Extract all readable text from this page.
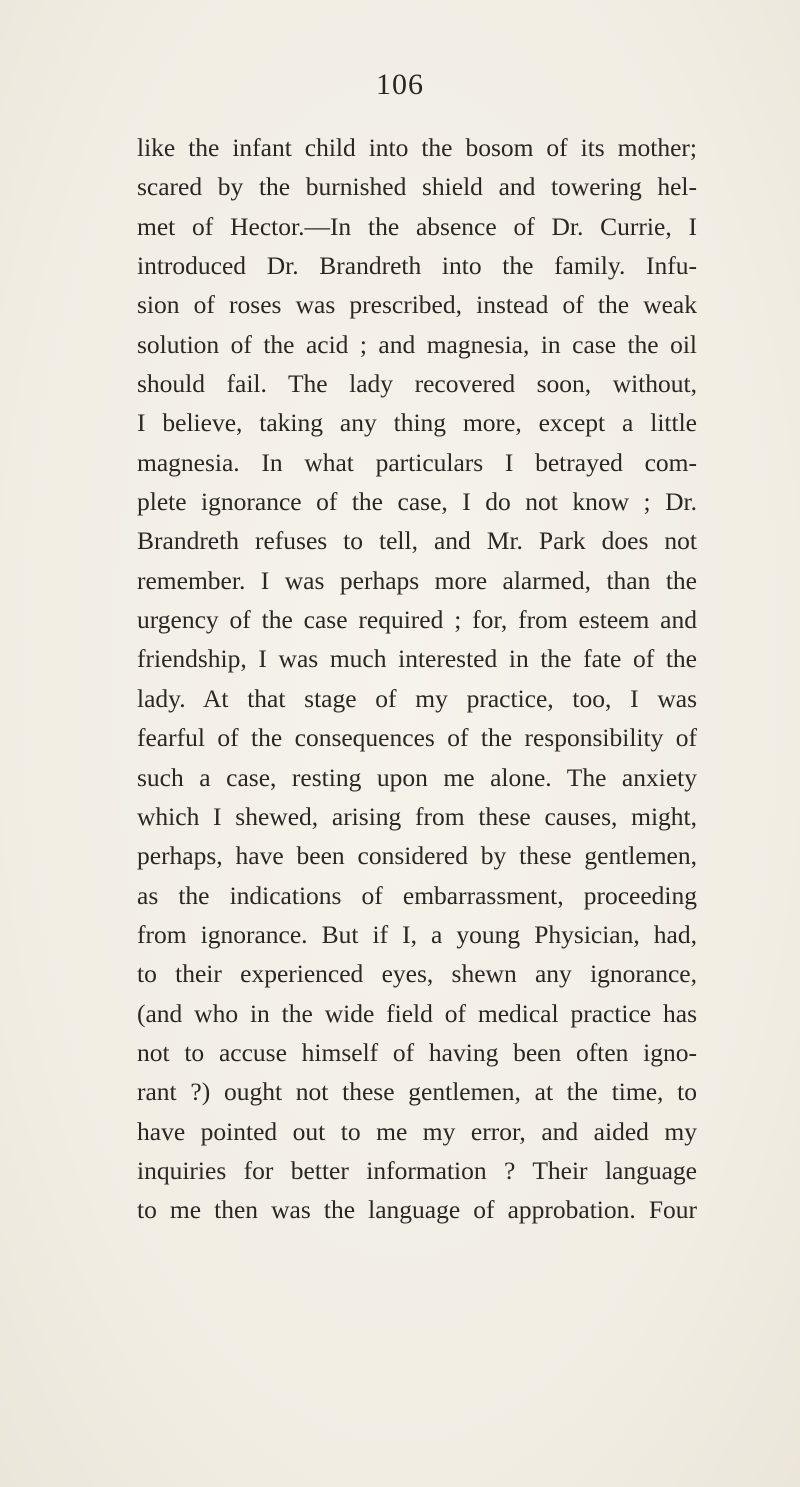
106
like the infant child into the bosom of its mother;
scared by the burnished shield and towering hel-
met of Hector.—In the absence of Dr. Currie, I
introduced Dr. Brandreth into the family. Infu-
sion of roses was prescribed, instead of the weak
solution of the acid ; and magnesia, in case the oil
should fail. The lady recovered soon, without,
I believe, taking any thing more, except a little
magnesia. In what particulars I betrayed com-
plete ignorance of the case, I do not know ; Dr.
Brandreth refuses to tell, and Mr. Park does not
remember. I was perhaps more alarmed, than the
urgency of the case required ; for, from esteem and
friendship, I was much interested in the fate of the
lady. At that stage of my practice, too, I was
fearful of the consequences of the responsibility of
such a case, resting upon me alone. The anxiety
which I shewed, arising from these causes, might,
perhaps, have been considered by these gentlemen,
as the indications of embarrassment, proceeding
from ignorance. But if I, a young Physician, had,
to their experienced eyes, shewn any ignorance,
(and who in the wide field of medical practice has
not to accuse himself of having been often igno-
rant ?) ought not these gentlemen, at the time, to
have pointed out to me my error, and aided my
inquiries for better information ? Their language
to me then was the language of approbation. Four
